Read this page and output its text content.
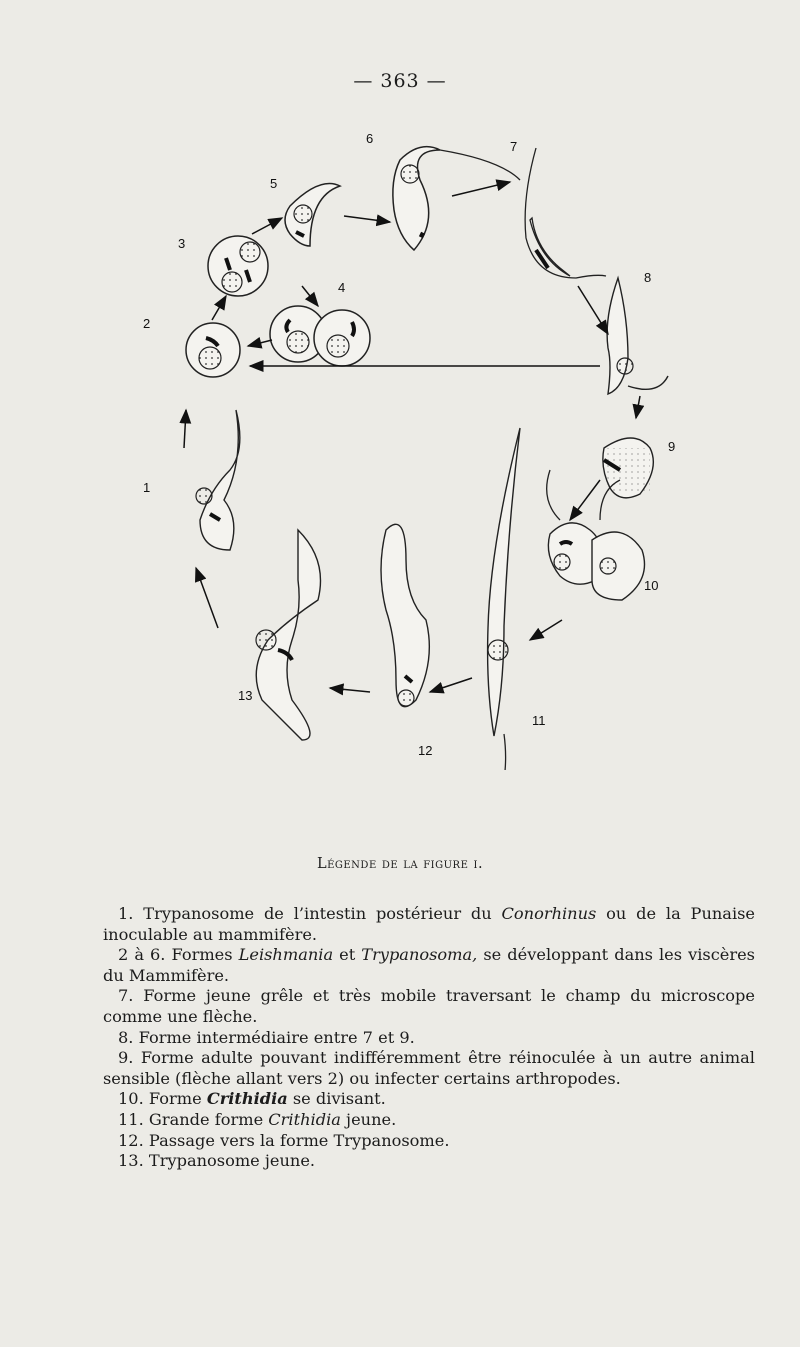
— 363 —
1
2
3
4
5
6
7
8
9
10
11
12
13
Légende de la figure i.

1. Trypanosome de l’intestin postérieur du Conorhinus ou de la Punaise inoculable au mammifère.

2 à 6. Formes Leishmania et Trypanosoma, se développant dans les viscères du Mammifère.

7. Forme jeune grêle et très mobile traversant le champ du microscope comme une flèche.

8. Forme intermédiaire entre 7 et 9.

9. Forme adulte pouvant indifféremment être réinoculée à un autre animal sensible (flèche allant vers 2) ou infecter certains arthropodes.

10. Forme Crithidia se divisant.

11. Grande forme Crithidia jeune.

12. Passage vers la forme Trypanosome.

13. Trypanosome jeune.
